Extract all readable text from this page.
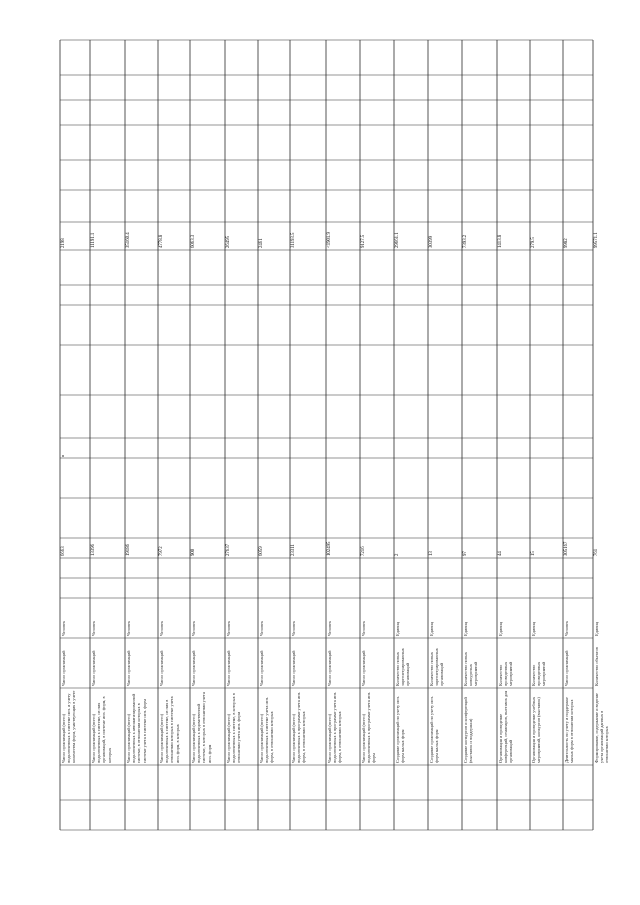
Число организаций (всего) подключенных к системе исп. и учету количества форм, участвующих в учете
Число организаций
Человек
6663
2198
Число организаций (всего) подключенных к системе, из них организаций, в системе исп. форм, в которых
Число организаций
Человек
13396
11191.1
Число организаций (всего) подключенных к автоматизированной системе, в отношении которых в системе учета в системе исп. форм
Число организаций
Человек
19186
35160.4
Число организаций (всего) подключенных к системе, из них в отношении которых в системе учета исп. форм, в которых
Число организаций
Человек
7972
4778.8
Число организаций (всего) подключенных к ведомственной системе, в которых в отношении учета исп. форм
Число организаций
Человек
900
6063.3
Число организаций (всего) подключенных к системе, в которых в отношении учета исп. форм
Число организаций
Человек
27637
26495
Число организаций (всего) подключенных к системе учета исп. форм, в отношении которых
Число организаций
Человек
6059
2461
Число организаций (всего) подключенных к программе учета исп. форм, в отношении которых
Число организаций
Человек
23311
31193.5
Число организаций (всего) подключенных к программе учета исп. форм, в отношении которых
Число организаций
Человек
102495
<1901.9
Число организаций (всего) подключенных к программе учета исп. форм
Число организаций
Человек
7216
9127.5
Создание организаций по учету исп. форм малых форм
Количество новых зарегистрированных организаций
Единиц
2
29661.1
Создание организаций по учету исп. форм малых форм
Количество новых зарегистрированных организаций
Единиц
13
30399
Создание конкурсов и конференций (выставок и поддержки)
Количество новых конкурсных мероприятий
Единиц
97
7393.2
Организация и проведение конференций, семинаров, выставок для организаций
Количество проведенных мероприятий
Единиц
44
1413.8
Организация и проведение учебных мероприятий, конкурсов (выставок)
Количество проведенных мероприятий
Единиц
15
279.5
Деятельность по учету и поддержке малых форм в отношении которых
Число организаций
Человек
305167
9982
Формирование, содержание и ведение учета организаций данных в отношении которых
Количество объектов
Единиц
761
99571.1
